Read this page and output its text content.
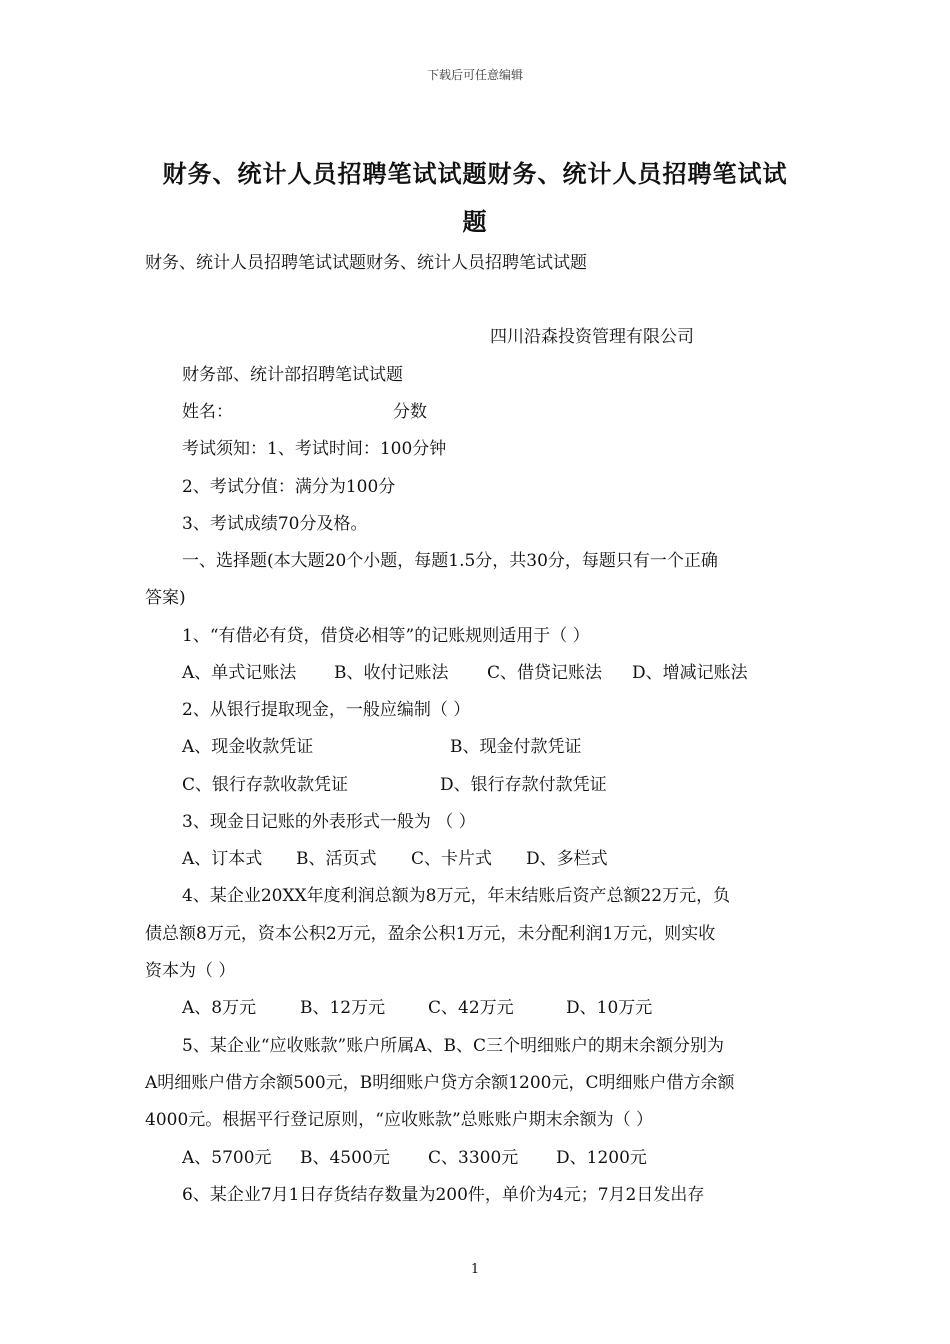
下载后可任意编辑
财务、统计人员招聘笔试试题财务、统计人员招聘笔试试
题
财务、统计人员招聘笔试试题财务、统计人员招聘笔试试题
四川沿森投资管理有限公司
财务部、统计部招聘笔试试题
姓名：	分数
考试须知：1、考试时间：100分钟
2、考试分值：满分为100分
3、考试成绩70分及格。
一、选择题(本大题20个小题，每题1.5分，共30分，每题只有一个正确
答案)
1、“有借必有贷，借贷必相等”的记账规则适用于（ ）
A、单式记账法 B、收付记账法 C、借贷记账法 D、增减记账法
2、从银行提取现金，一般应编制（ ）
A、现金收款凭证	B、现金付款凭证
C、银行存款收款凭证	D、银行存款付款凭证
3、现金日记账的外表形式一般为 （ ）
A、订本式 B、活页式 C、卡片式 D、多栏式
4、某企业20XX年度利润总额为8万元，年末结账后资产总额22万元，负
债总额8万元，资本公积2万元，盈余公积1万元，未分配利润1万元，则实收
资本为（ ）
A、8万元	B、12万元	C、42万元	D、10万元
5、某企业“应收账款”账户所属A、B、C三个明细账户的期末余额分别为
A明细账户借方余额500元，B明细账户贷方余额1200元，C明细账户借方余额
4000元。根据平行登记原则，“应收账款”总账账户期末余额为（ ）
A、5700元 B、4500元 C、3300元 D、1200元
6、某企业7月1日存货结存数量为200件，单价为4元；7月2日发出存
1
